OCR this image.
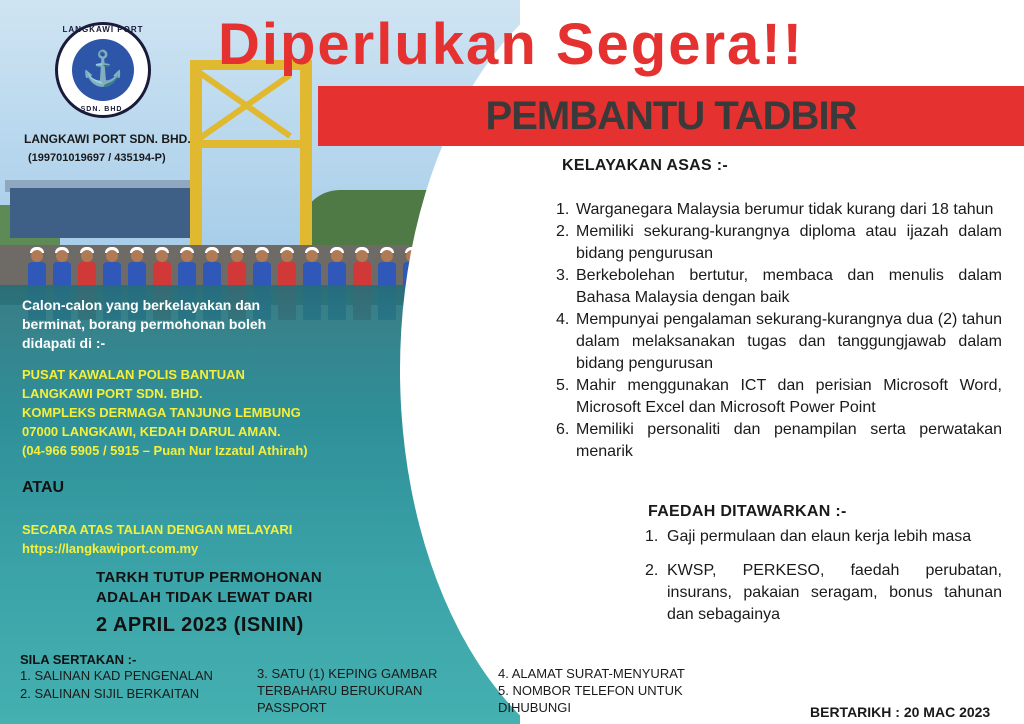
LANGKAWI PORT
⚓
SDN. BHD.
LANGKAWI PORT SDN. BHD.
(199701019697 / 435194-P)
Diperlukan Segera!!
PEMBANTU TADBIR
KELAYAKAN ASAS :-
1. Warganegara Malaysia berumur tidak kurang dari 18 tahun
2. Memiliki sekurang-kurangnya diploma atau ijazah dalam bidang pengurusan
3. Berkebolehan bertutur, membaca dan menulis dalam Bahasa Malaysia dengan baik
4. Mempunyai pengalaman sekurang-kurangnya dua (2) tahun dalam melaksanakan tugas dan tanggungjawab dalam bidang pengurusan
5. Mahir menggunakan ICT dan perisian Microsoft Word, Microsoft Excel dan Microsoft Power Point
6. Memiliki personaliti dan penampilan serta perwatakan menarik
FAEDAH DITAWARKAN :-
1. Gaji permulaan dan elaun kerja lebih masa
2. KWSP, PERKESO, faedah perubatan, insurans, pakaian seragam, bonus tahunan dan sebagainya
Calon-calon yang berkelayakan dan berminat, borang permohonan boleh didapati di :-
PUSAT KAWALAN POLIS BANTUAN
LANGKAWI PORT SDN. BHD.
KOMPLEKS DERMAGA TANJUNG LEMBUNG
07000 LANGKAWI, KEDAH DARUL AMAN.
(04-966 5905 / 5915 – Puan Nur Izzatul Athirah)
ATAU
SECARA ATAS TALIAN DENGAN MELAYARI
https://langkawiport.com.my
TARKH TUTUP PERMOHONAN
ADALAH TIDAK LEWAT DARI
2 APRIL 2023 (ISNIN)
SILA SERTAKAN :-
1. SALINAN KAD PENGENALAN
2. SALINAN SIJIL BERKAITAN
3. SATU (1) KEPING GAMBAR TERBAHARU BERUKURAN PASSPORT
4. ALAMAT SURAT-MENYURAT
5. NOMBOR TELEFON UNTUK DIHUBUNGI	BERTARIKH : 20 MAC 2023
